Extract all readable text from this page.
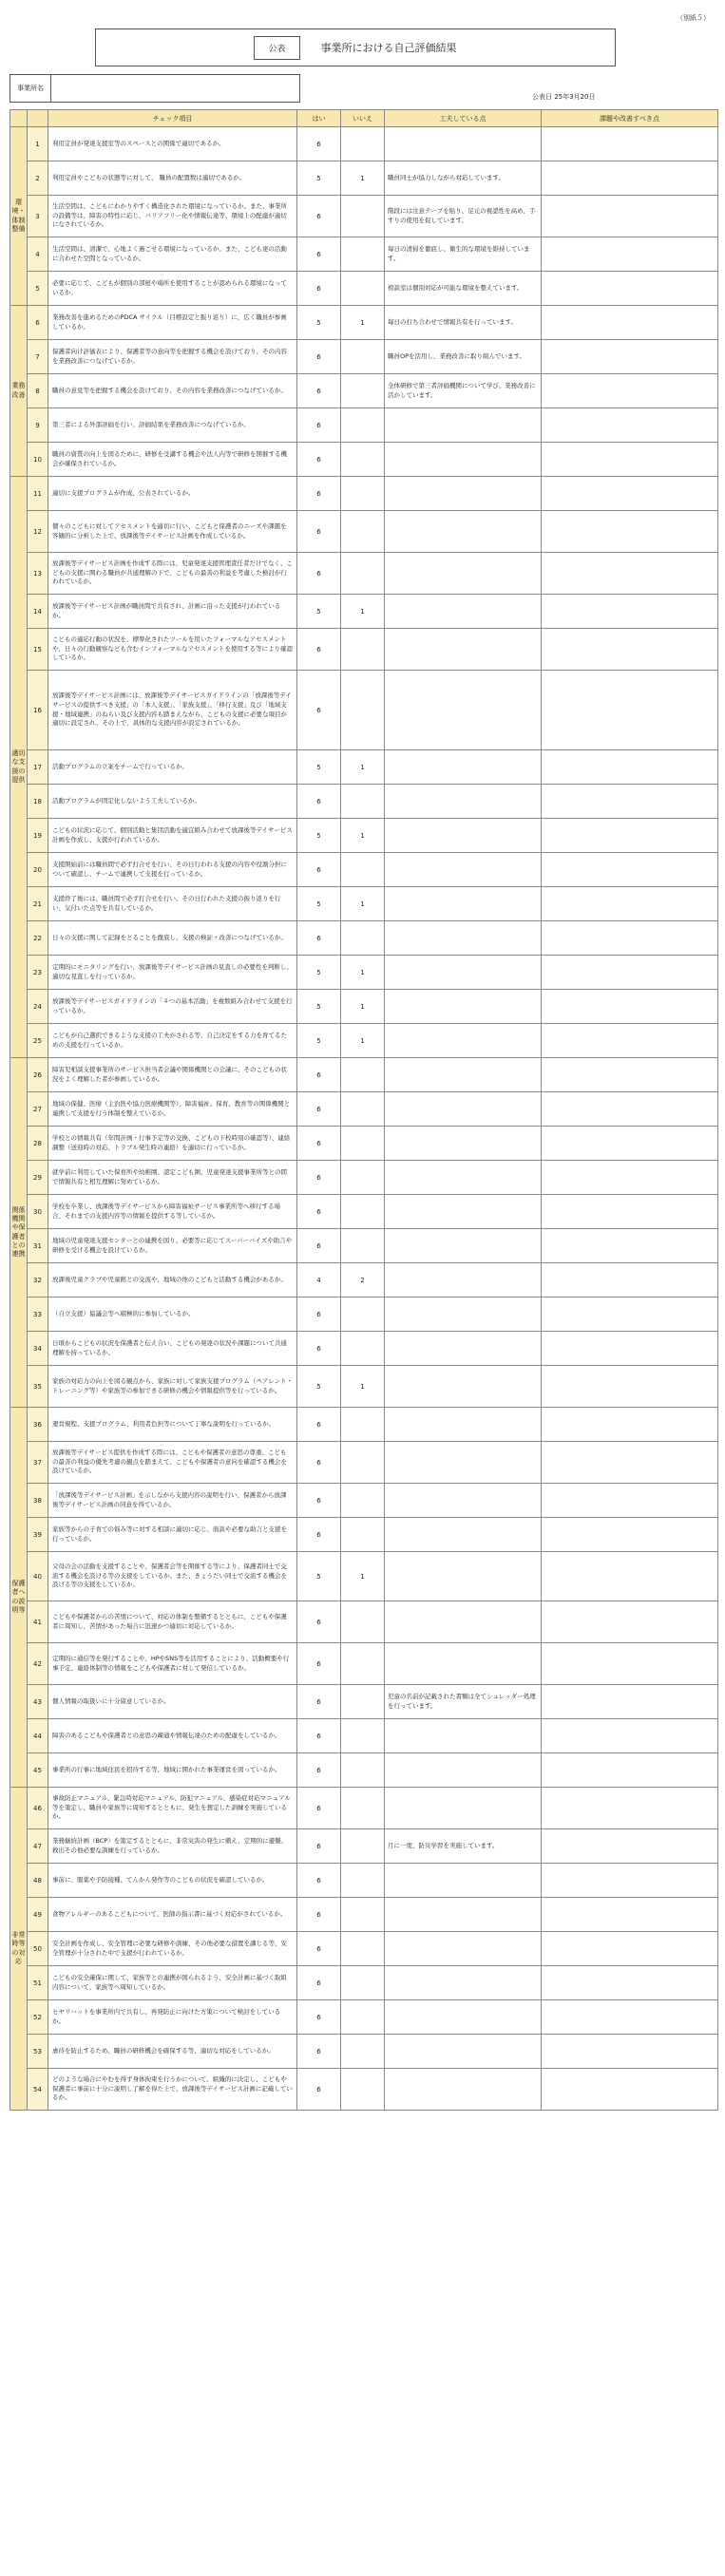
（別紙５）
公表	事業所における自己評価結果
事業所名
公表日 25年3月20日
		チェック項目	はい	いいえ	工夫している点	課題や改善すべき点
環境・体制整備	1	利用定員が発達支援室等のスペースとの関係で適切であるか。	6			
	2	利用定員やこどもの状態等に対して、 職員の配置数は適切であるか。	5	1	職員同士が協力しながら対応しています。	
	3	生活空間は、こどもにわかりやすく構造化された環境になっているか。また、事業所の設備等は、障害の特性に応じ、バリアフリー化や情報伝達等、環境上の配慮が適切になされているか。	6		階段には注意テープを貼り、足元の視認性を高め、手すりの使用を促しています。	
	4	生活空間は、清潔で、心地よく過ごせる環境になっているか。また、こども達の活動に合わせた空間となっているか。	6		毎日の清掃を徹底し、衛生的な環境を維持しています。	
	5	必要に応じて、こどもが個別の部屋や場所を使用することが認められる環境になっているか。	6		相談室は個別対応が可能な環境を整えています。	
業務改善	6	業務改善を進めるためのPDCA サイクル（目標設定と振り返り）に、広く職員が参画しているか。	5	1	毎日の打ち合わせで情報共有を行っています。	
	7	保護者向け評価表により、保護者等の意向等を把握する機会を設けており、その内容を業務改善につなげているか。	6		職員OPを活用し、業務改善に取り組んでいます。	
	8	職員の意見等を把握する機会を設けており、その内容を業務改善につなげているか。	6		全体研修で第三者評価機関について学び、業務改善に活かしています。	
	9	第三者による外部評価を行い、評価結果を業務改善につなげているか。	6			
	10	職員の資質の向上を図るために、研修を受講する機会や法人内等で研修を開催する機会が確保されているか。	6			
適切な支援の提供	11	適切に支援プログラムが作成、公表されているか。	6			
	12	個々のこどもに対してアセスメントを適切に行い、こどもと保護者のニーズや課題を客観的に分析した上で、放課後等デイサービス計画を作成しているか。	6			
	13	放課後等デイサービス計画を作成する際には、児童発達支援管理責任者だけでなく、こどもの支援に関わる職員が共通理解の下で、こどもの最善の利益を考慮した検討が行われているか。	6			
	14	放課後等デイサービス計画が職員間で共有され、計画に沿った支援が行われているか。	5	1		
	15	こどもの適応行動の状況を、標準化されたツールを用いたフォーマルなアセスメントや、日々の行動観察なども含むインフォーマルなアセスメントを使用する等により確認しているか。	6			
	16	放課後等デイサービス計画には、放課後等デイサービスガイドラインの「放課後等デイサービスの提供すべき支援」の「本人支援」、「家族支援」、「移行支援」及び「地域支援・地域連携」のねらい及び支援内容も踏まえながら、こどもの支援に必要な項目が適切に設定され、その上で、具体的な支援内容が設定されているか。	6			
	17	活動プログラムの立案をチームで行っているか。	5	1		
	18	活動プログラムが固定化しないよう工夫しているか。	6			
	19	こどもの状況に応じて、個別活動と集団活動を適宜組み合わせて放課後等デイサービス計画を作成し、支援が行われているか。	5	1		
	20	支援開始前には職員間で必ず打合せを行い、その日行われる支援の内容や役割分担について確認し、チームで連携して支援を行っているか。	6			
	21	支援終了後には、職員間で必ず打合せを行い、その日行われた支援の振り返りを行い、気付いた点等を共有しているか。	5	1		
	22	日々の支援に関して記録をとることを徹底し、支援の検証・改善につなげているか。	6			
	23	定期的にモニタリングを行い、放課後等デイサービス計画の見直しの必要性を判断し、適切な見直しを行っているか。	5	1		
	24	放課後等デイサービスガイドラインの「４つの基本活動」を複数組み合わせて支援を行っているか。	5	1		
	25	こどもが自己選択できるような支援の工夫がされる等、自己決定をする力を育てるための支援を行っているか。	5	1		
関係機関や保護者との連携	26	障害児相談支援事業所のサービス担当者会議や関係機関との会議に、そのこどもの状況をよく理解した者が参画しているか。	6			
	27	地域の保健、医療（主治医や協力医療機関等）、障害福祉、保育、教育等の関係機関と連携して支援を行う体制を整えているか。	6			
	28	学校との情報共有（年間計画・行事予定等の交換、こどもの下校時刻の確認等）、連絡調整（送迎時の対応、トラブル発生時の連絡）を適切に行っているか。	6			
	29	就学前に利用していた保育所や幼稚園、認定こども園、児童発達支援事業所等との間で情報共有と相互理解に努めているか。	6			
	30	学校を卒業し、放課後等デイサービスから障害福祉サービス事業所等へ移行する場合、それまでの支援内容等の情報を提供する等しているか。	6			
	31	地域の児童発達支援センターとの連携を図り、必要等に応じてスーパーバイズや助言や研修を受ける機会を設けているか。	6			
	32	放課後児童クラブや児童館との交流や、地域の他のこどもと活動する機会があるか。	4	2		
	33	（自立支援）協議会等へ積極的に参加しているか。	6			
	34	日頃からこどもの状況を保護者と伝え合い、こどもの発達の状況や課題について共通理解を持っているか。	6			
	35	家族の対応力の向上を図る観点から、家族に対して家族支援プログラム（ペアレント・トレーニング等）や家族等の参加できる研修の機会や情報提供等を行っているか。	5	1		
保護者への説明等	36	運営規程、支援プログラム、利用者負担等について丁寧な説明を行っているか。	6			
	37	放課後等デイサービス提供を作成する際には、こどもや保護者の意思の尊重、こどもの最善の利益の優先考慮の観点を踏まえて、こどもや保護者の意向を確認する機会を設けているか。	6			
	38	「放課後等デイサービス計画」を示しながら支援内容の説明を行い、保護者から放課後等デイサービス計画の同意を得ているか。	6			
	39	家族等からの子育ての悩み等に対する相談に適切に応じ、面談や必要な助言と支援を行っているか。	6			
	40	父母の会の活動を支援することや、保護者会等を開催する等により、保護者同士で交流する機会を設ける等の支援をしているか。また、きょうだい同士で交流する機会を設ける等の支援をしているか。	5	1		
	41	こどもや保護者からの苦情について、対応の体制を整備するとともに、こどもや保護者に周知し、苦情があった場合に迅速かつ適切に対応しているか。	6			
	42	定期的に通信等を発行することや、HPやSNS等を活用することにより、活動概要や行事予定、連絡体制等の情報をこどもや保護者に対して発信しているか。	6			
	43	個人情報の取扱いに十分留意しているか。	6		児童の名前が記載された書類は全てシュレッダー処理を行っています。	
	44	障害のあるこどもや保護者との意思の疎通や情報伝達のための配慮をしているか。	6			
	45	事業所の行事に地域住民を招待する等、地域に開かれた事業運営を図っているか。	6			
非常時等の対応	46	事故防止マニュアル、緊急時対応マニュアル、防犯マニュアル、感染症対応マニュアル等を策定し、職員や家族等に周知するとともに、発生を想定した訓練を実施しているか。	6			
	47	業務継続計画（BCP）を策定するとともに、非常災害の発生に備え、定期的に避難、救出その他必要な訓練を行っているか。	6		月に一度、防災学習を実施しています。	
	48	事前に、服薬や予防接種、てんかん発作等のこどもの状況を確認しているか。	6			
	49	食物アレルギーのあるこどもについて、医師の指示書に基づく対応がされているか。	6			
	50	安全計画を作成し、安全管理に必要な研修や訓練、その他必要な措置を講じる等、安全管理が十分された中で支援が行われているか。	6			
	51	こどもの安全確保に関して、家族等との連携が図られるよう、安全計画に基づく取組内容について、家族等へ周知しているか。	6			
	52	ヒヤリハットを事業所内で共有し、再発防止に向けた方策について検討をしているか。	6			
	53	虐待を防止するため、職員の研修機会を確保する等、適切な対応をしているか。	6			
	54	どのような場合にやむを得ず身体拘束を行うかについて、組織的に決定し、こどもや保護者に事前に十分に説明し了解を得た上で、放課後等デイサービス計画に記載しているか。	6			
